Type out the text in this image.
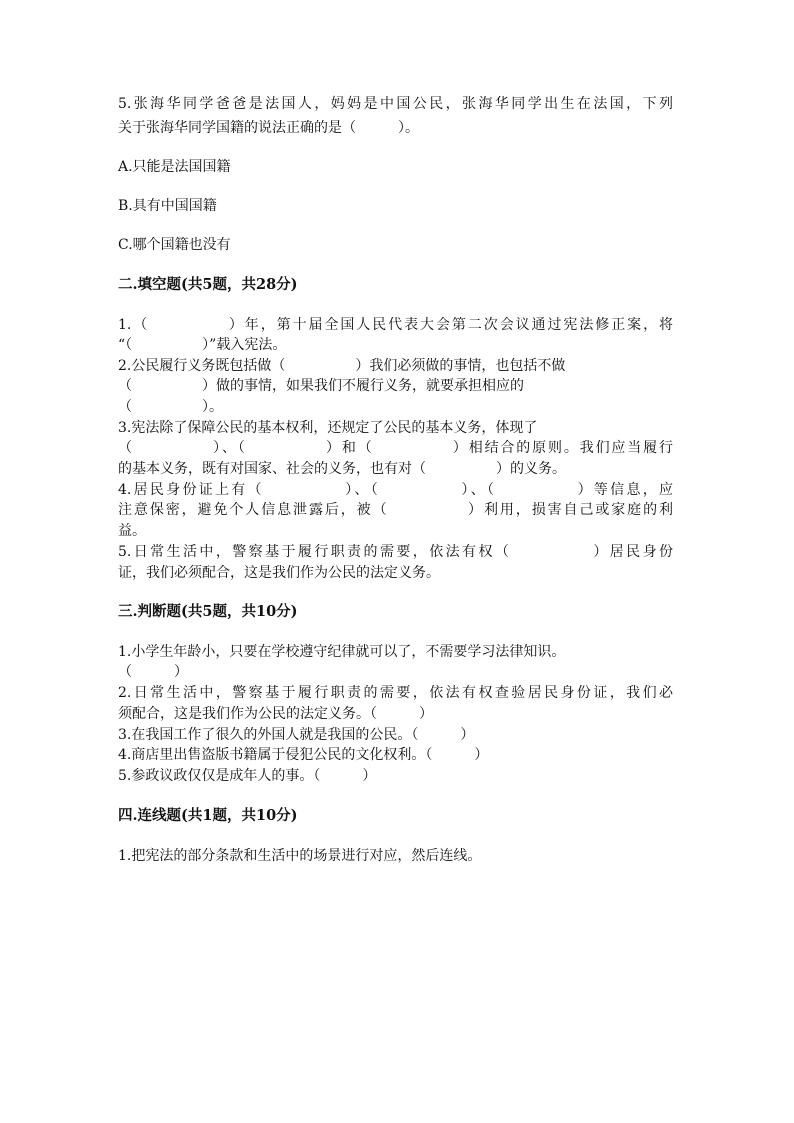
5.张海华同学爸爸是法国人，妈妈是中国公民，张海华同学出生在法国，下列
关于张海华同学国籍的说法正确的是（　　　）。
A.只能是法国国籍
B.具有中国国籍
C.哪个国籍也没有
二.填空题(共5题，共28分)
1.（　　　　　）年，第十届全国人民代表大会第二次会议通过宪法修正案，将
“（　　　　　）”载入宪法。
2.公民履行义务既包括做（　　　　　）我们必须做的事情，也包括不做
（　　　　　）做的事情，如果我们不履行义务，就要承担相应的
（　　　　　）。
3.宪法除了保障公民的基本权利，还规定了公民的基本义务，体现了
（　　　　　）、（　　　　　）和（　　　　　）相结合的原则。我们应当履行
的基本义务，既有对国家、社会的义务，也有对（　　　　　）的义务。
4.居民身份证上有（　　　　　）、（　　　　　）、（　　　　　）等信息，应
注意保密，避免个人信息泄露后，被（　　　　　）利用，损害自己或家庭的利
益。
5.日常生活中，警察基于履行职责的需要，依法有权（　　　　　）居民身份
证，我们必须配合，这是我们作为公民的法定义务。
三.判断题(共5题，共10分)
1.小学生年龄小，只要在学校遵守纪律就可以了，不需要学习法律知识。
（　　　）
2.日常生活中，警察基于履行职责的需要，依法有权查验居民身份证，我们必
须配合，这是我们作为公民的法定义务。（　　　）
3.在我国工作了很久的外国人就是我国的公民。（　　　）
4.商店里出售盗版书籍属于侵犯公民的文化权利。（　　　）
5.参政议政仅仅是成年人的事。（　　　）
四.连线题(共1题，共10分)
1.把宪法的部分条款和生活中的场景进行对应，然后连线。
